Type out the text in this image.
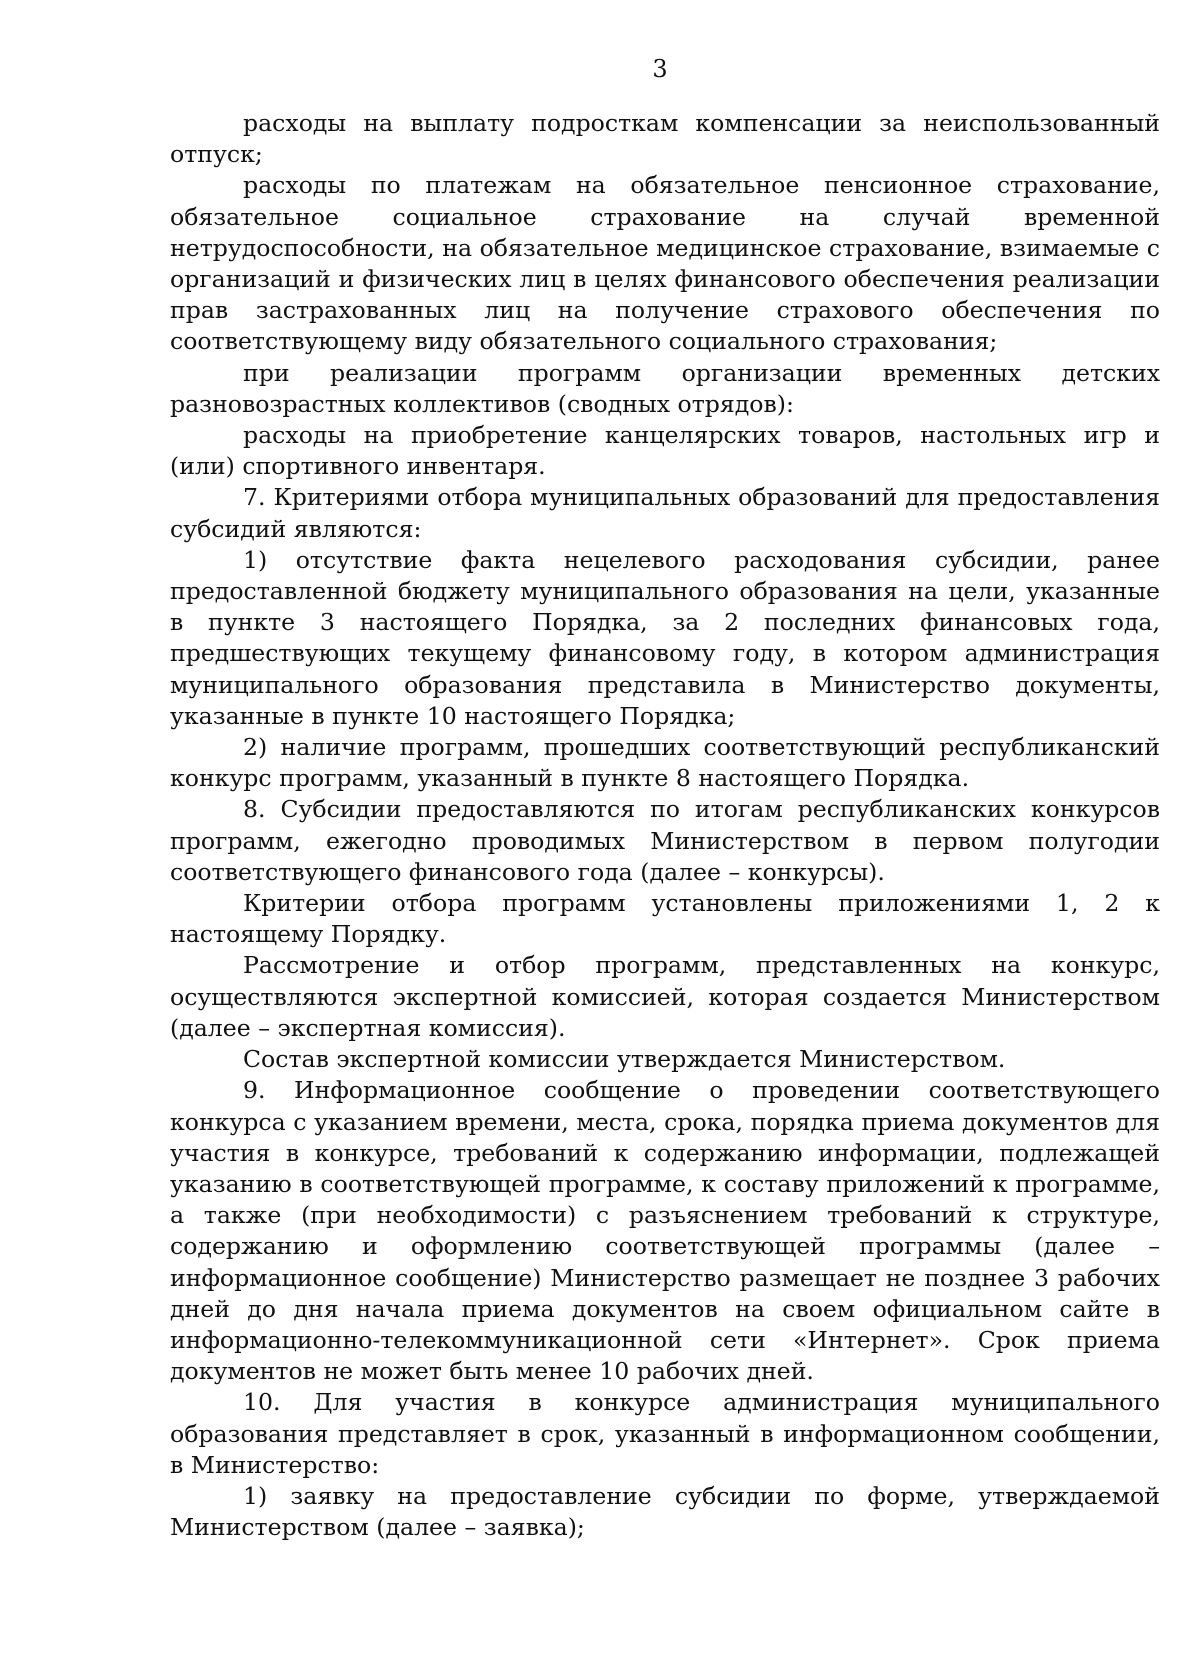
3

расходы на выплату подросткам компенсации за неиспользованный отпуск;

расходы по платежам на обязательное пенсионное страхование, обязательное социальное страхование на случай временной нетрудоспособности, на обязательное медицинское страхование, взимаемые с организаций и физических лиц в целях финансового обеспечения реализации прав застрахованных лиц на получение страхового обеспечения по соответствующему виду обязательного социального страхования;

при реализации программ организации временных детских разновозрастных коллективов (сводных отрядов):

расходы на приобретение канцелярских товаров, настольных игр и (или) спортивного инвентаря.

7. Критериями отбора муниципальных образований для предоставления субсидий являются:

1) отсутствие факта нецелевого расходования субсидии, ранее предоставленной бюджету муниципального образования на цели, указанные в пункте 3 настоящего Порядка, за 2 последних финансовых года, предшествующих текущему финансовому году, в котором администрация муниципального образования представила в Министерство документы, указанные в пункте 10 настоящего Порядка;

2) наличие программ, прошедших соответствующий республиканский конкурс программ, указанный в пункте 8 настоящего Порядка.

8. Субсидии предоставляются по итогам республиканских конкурсов программ, ежегодно проводимых Министерством в первом полугодии соответствующего финансового года (далее – конкурсы).

Критерии отбора программ установлены приложениями 1, 2 к настоящему Порядку.

Рассмотрение и отбор программ, представленных на конкурс, осуществляются экспертной комиссией, которая создается Министерством (далее – экспертная комиссия).

Состав экспертной комиссии утверждается Министерством.

9. Информационное сообщение о проведении соответствующего конкурса с указанием времени, места, срока, порядка приема документов для участия в конкурсе, требований к содержанию информации, подлежащей указанию в соответствующей программе, к составу приложений к программе, а также (при необходимости) с разъяснением требований к структуре, содержанию и оформлению соответствующей программы (далее – информационное сообщение) Министерство размещает не позднее 3 рабочих дней до дня начала приема документов на своем официальном сайте в информационно-телекоммуникационной сети «Интернет». Срок приема документов не может быть менее 10 рабочих дней.

10. Для участия в конкурсе администрация муниципального образования представляет в срок, указанный в информационном сообщении, в Министерство:

1) заявку на предоставление субсидии по форме, утверждаемой Министерством (далее – заявка);
